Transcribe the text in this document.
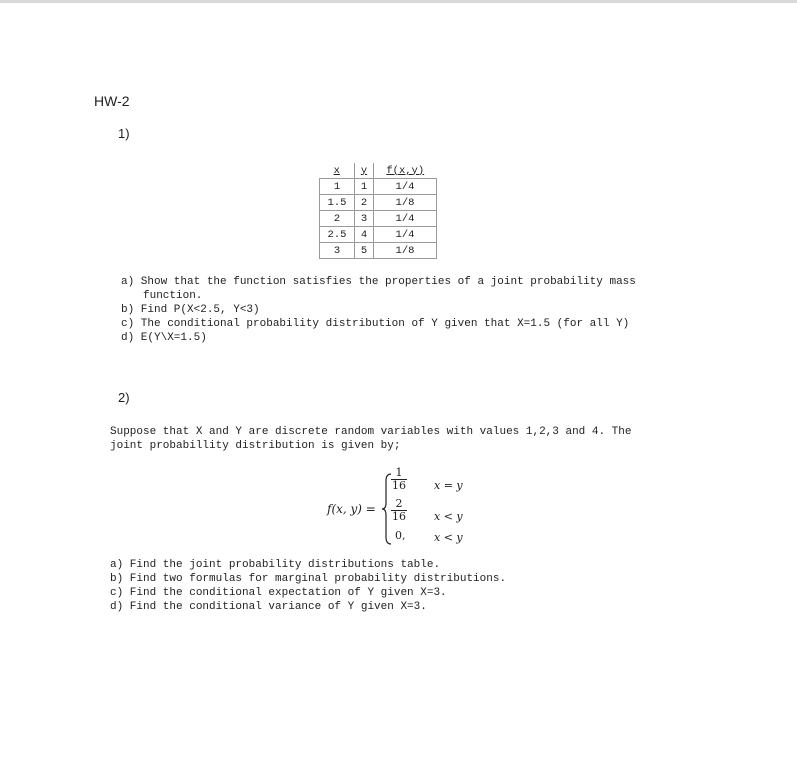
HW-2
1)
x	y	f(x,y)
1	1	1/4
1.5	2	1/8
2	3	1/4
2.5	4	1/4
3	5	1/8
a) Show that the function satisfies the properties of a joint probability mass
function.
b) Find P(X<2.5, Y<3)
c) The conditional probability distribution of Y given that X=1.5 (for all Y)
d) E(Y\X=1.5)
2)
Suppose that X and Y are discrete random variables with values 1,2,3 and 4. The
joint probabillity distribution is given by;
f(x, y) =
$\frac{1}{16}$ x = y
$\frac{2}{16}$ x < y
0,	x < y
a) Find the joint probability distributions table.
b) Find two formulas for marginal probability distributions.
c) Find the conditional expectation of Y given X=3.
d) Find the conditional variance of Y given X=3.
